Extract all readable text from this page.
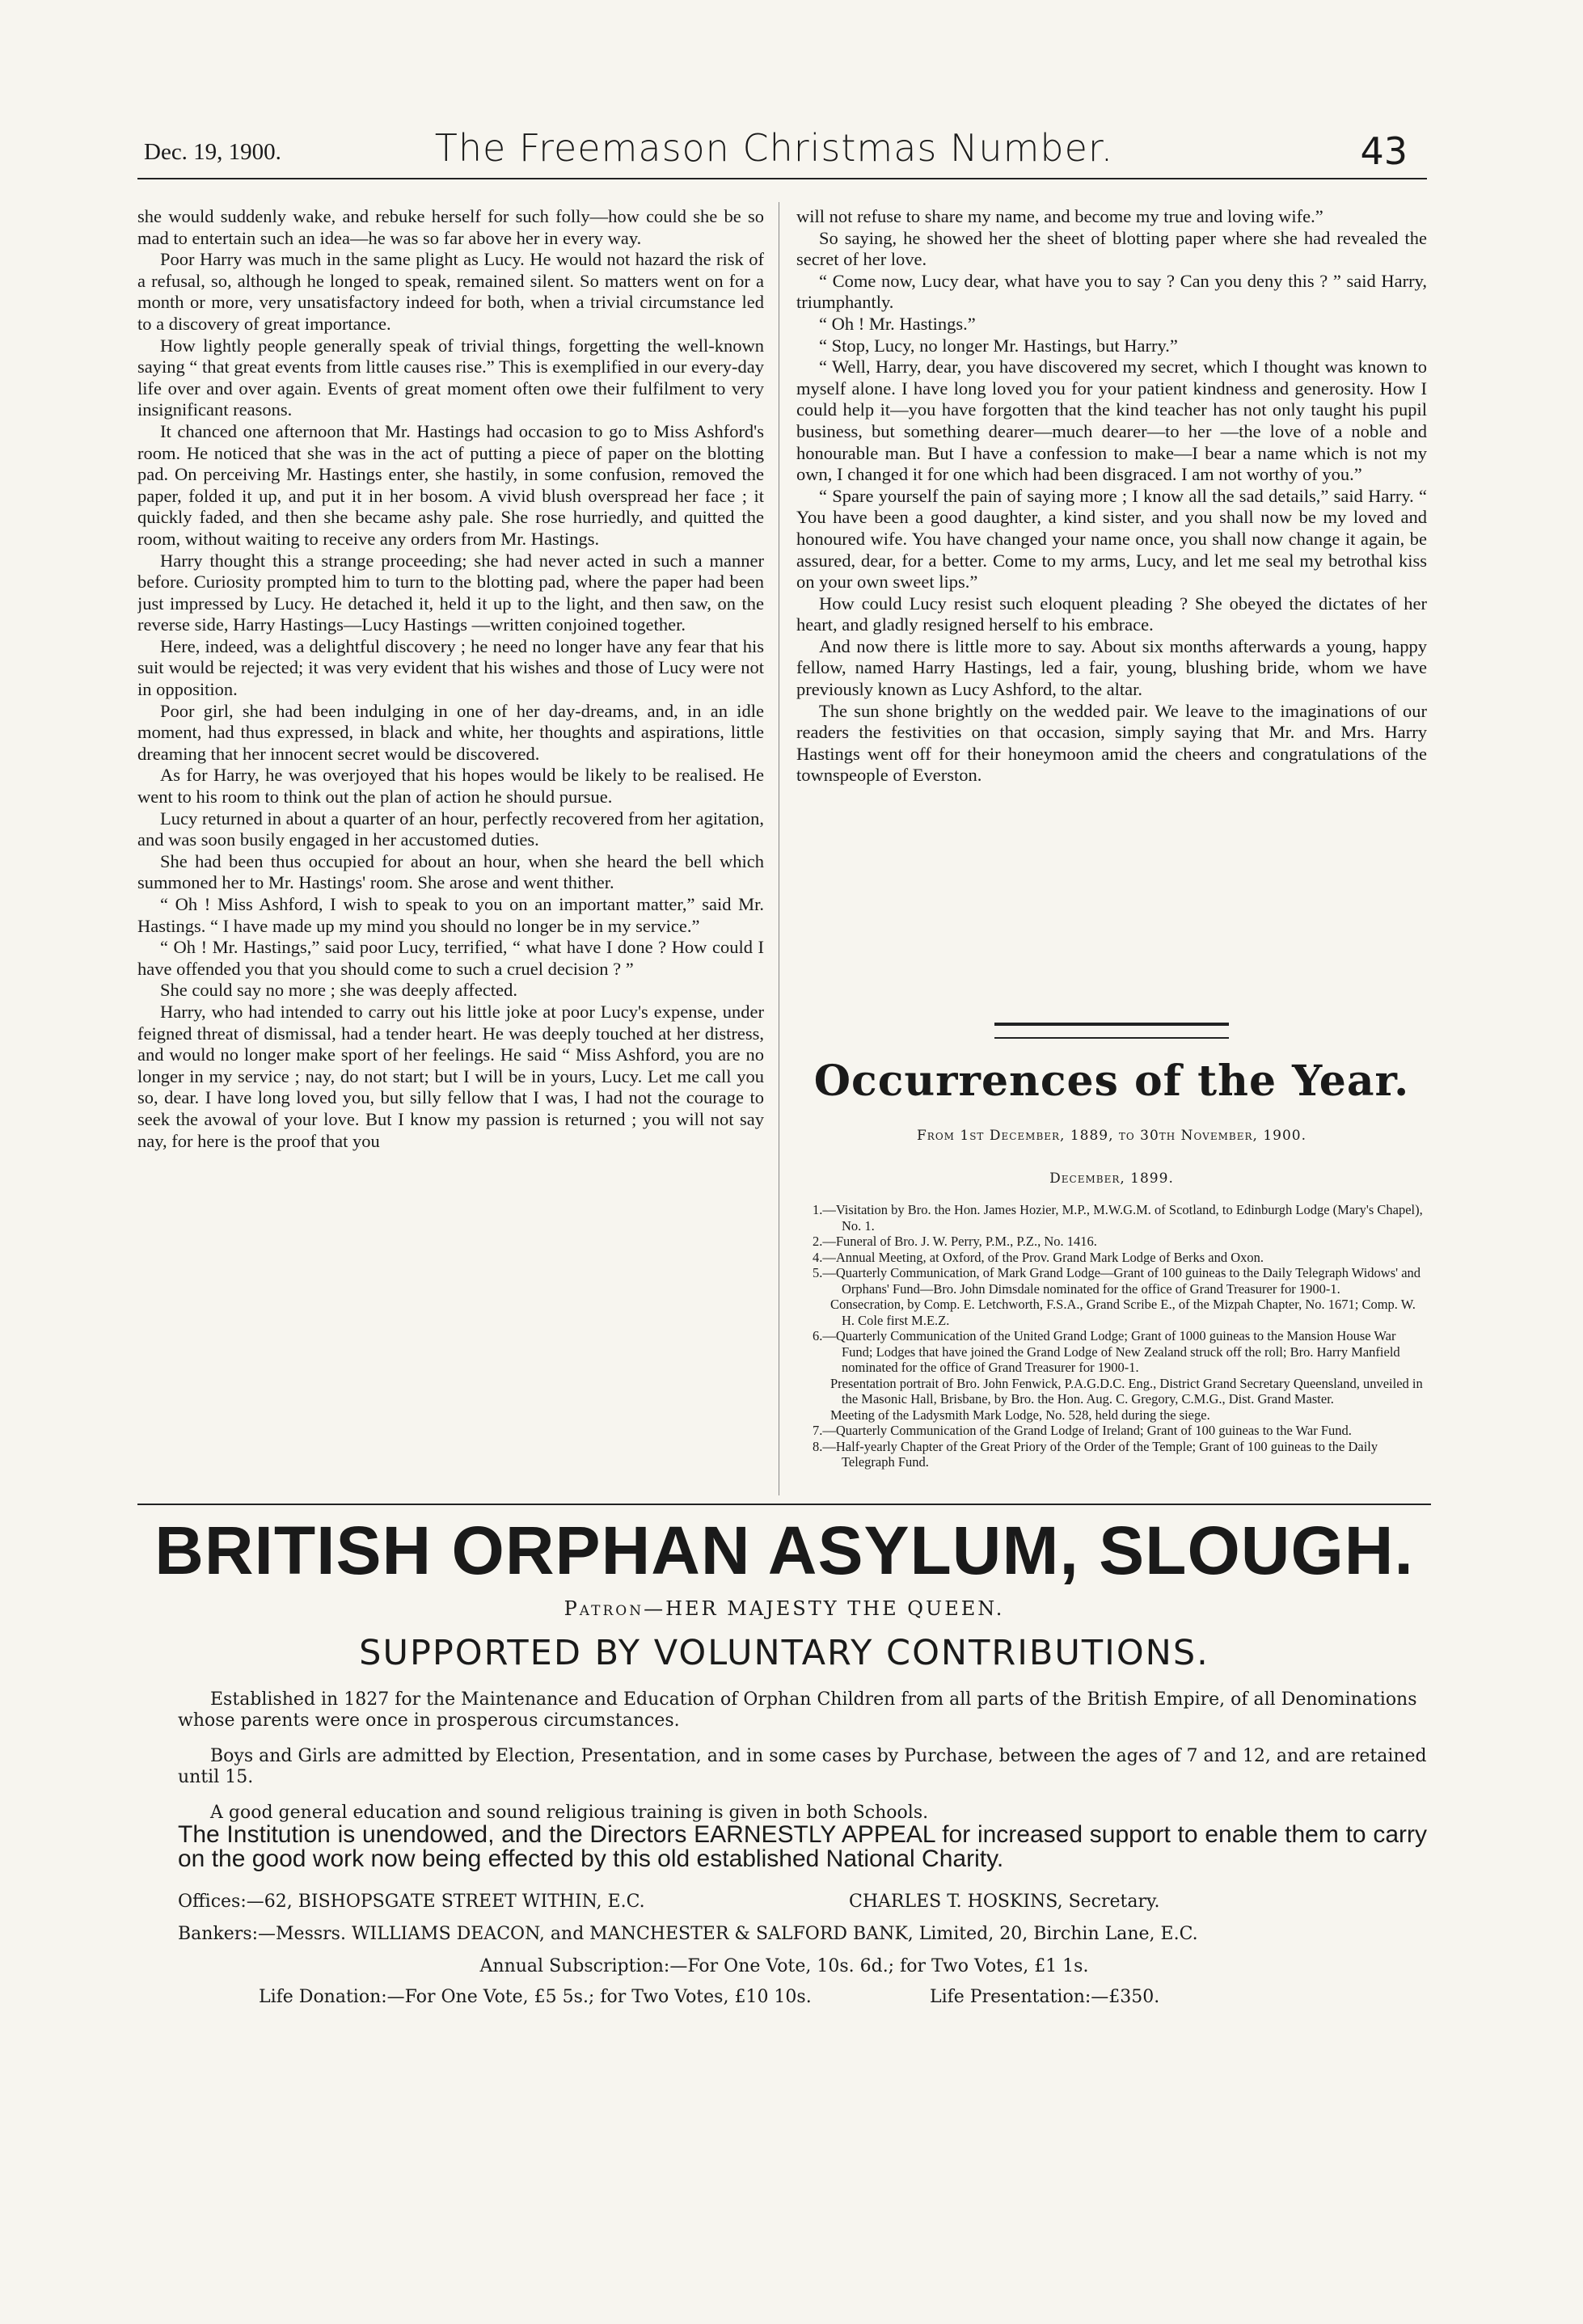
Dec. 19, 1900.	The Freemason Christmas Number.	43

she would suddenly wake, and rebuke herself for such folly—how could she be so mad to entertain such an idea—he was so far above her in every way.

Poor Harry was much in the same plight as Lucy. He would not hazard the risk of a refusal, so, although he longed to speak, remained silent. So matters went on for a month or more, very unsatisfactory indeed for both, when a trivial circumstance led to a discovery of great importance.

How lightly people generally speak of trivial things, forgetting the well-known saying “ that great events from little causes rise.” This is exemplified in our every-day life over and over again. Events of great moment often owe their fulfilment to very insignificant reasons.

It chanced one afternoon that Mr. Hastings had occasion to go to Miss Ashford's room. He noticed that she was in the act of putting a piece of paper on the blotting pad. On perceiving Mr. Hastings enter, she hastily, in some confusion, removed the paper, folded it up, and put it in her bosom. A vivid blush overspread her face ; it quickly faded, and then she became ashy pale. She rose hurriedly, and quitted the room, without waiting to receive any orders from Mr. Hastings.

Harry thought this a strange proceeding; she had never acted in such a manner before. Curiosity prompted him to turn to the blotting pad, where the paper had been just impressed by Lucy. He detached it, held it up to the light, and then saw, on the reverse side, Harry Hastings—Lucy Hastings —written conjoined together.

Here, indeed, was a delightful discovery ; he need no longer have any fear that his suit would be rejected; it was very evident that his wishes and those of Lucy were not in opposition.

Poor girl, she had been indulging in one of her day-dreams, and, in an idle moment, had thus expressed, in black and white, her thoughts and aspirations, little dreaming that her innocent secret would be discovered.

As for Harry, he was overjoyed that his hopes would be likely to be realised. He went to his room to think out the plan of action he should pursue.

Lucy returned in about a quarter of an hour, perfectly recovered from her agitation, and was soon busily engaged in her accustomed duties.

She had been thus occupied for about an hour, when she heard the bell which summoned her to Mr. Hastings' room. She arose and went thither.

“ Oh ! Miss Ashford, I wish to speak to you on an important matter,” said Mr. Hastings. “ I have made up my mind you should no longer be in my service.”

“ Oh ! Mr. Hastings,” said poor Lucy, terrified, “ what have I done ? How could I have offended you that you should come to such a cruel decision ? ”

She could say no more ; she was deeply affected.

Harry, who had intended to carry out his little joke at poor Lucy's expense, under feigned threat of dismissal, had a tender heart. He was deeply touched at her distress, and would no longer make sport of her feelings. He said “ Miss Ashford, you are no longer in my service ; nay, do not start; but I will be in yours, Lucy. Let me call you so, dear. I have long loved you, but silly fellow that I was, I had not the courage to seek the avowal of your love. But I know my passion is returned ; you will not say nay, for here is the proof that you

will not refuse to share my name, and become my true and loving wife.”

So saying, he showed her the sheet of blotting paper where she had revealed the secret of her love.

“ Come now, Lucy dear, what have you to say ? Can you deny this ? ” said Harry, triumphantly.

“ Oh ! Mr. Hastings.”

“ Stop, Lucy, no longer Mr. Hastings, but Harry.”

“ Well, Harry, dear, you have discovered my secret, which I thought was known to myself alone. I have long loved you for your patient kindness and generosity. How I could help it—you have forgotten that the kind teacher has not only taught his pupil business, but something dearer—much dearer—to her —the love of a noble and honourable man. But I have a confession to make—I bear a name which is not my own, I changed it for one which had been disgraced. I am not worthy of you.”

“ Spare yourself the pain of saying more ; I know all the sad details,” said Harry. “ You have been a good daughter, a kind sister, and you shall now be my loved and honoured wife. You have changed your name once, you shall now change it again, be assured, dear, for a better. Come to my arms, Lucy, and let me seal my betrothal kiss on your own sweet lips.”

How could Lucy resist such eloquent pleading ? She obeyed the dictates of her heart, and gladly resigned herself to his embrace.

And now there is little more to say. About six months afterwards a young, happy fellow, named Harry Hastings, led a fair, young, blushing bride, whom we have previously known as Lucy Ashford, to the altar.

The sun shone brightly on the wedded pair. We leave to the imaginations of our readers the festivities on that occasion, simply saying that Mr. and Mrs. Harry Hastings went off for their honeymoon amid the cheers and congratulations of the townspeople of Everston.

Occurrences of the Year.
From 1st December, 1889, to 30th November, 1900.
December, 1899.

1.—Visitation by Bro. the Hon. James Hozier, M.P., M.W.G.M. of Scotland, to Edinburgh Lodge (Mary's Chapel), No. 1.

2.—Funeral of Bro. J. W. Perry, P.M., P.Z., No. 1416.

4.—Annual Meeting, at Oxford, of the Prov. Grand Mark Lodge of Berks and Oxon.

5.—Quarterly Communication, of Mark Grand Lodge—Grant of 100 guineas to the Daily Telegraph Widows' and Orphans' Fund—Bro. John Dimsdale nominated for the office of Grand Treasurer for 1900-1.

Consecration, by Comp. E. Letchworth, F.S.A., Grand Scribe E., of the Mizpah Chapter, No. 1671; Comp. W. H. Cole first M.E.Z.

6.—Quarterly Communication of the United Grand Lodge; Grant of 1000 guineas to the Mansion House War Fund; Lodges that have joined the Grand Lodge of New Zealand struck off the roll; Bro. Harry Manfield nominated for the office of Grand Treasurer for 1900-1.

Presentation portrait of Bro. John Fenwick, P.A.G.D.C. Eng., District Grand Secretary Queensland, unveiled in the Masonic Hall, Brisbane, by Bro. the Hon. Aug. C. Gregory, C.M.G., Dist. Grand Master.

Meeting of the Ladysmith Mark Lodge, No. 528, held during the siege.

7.—Quarterly Communication of the Grand Lodge of Ireland; Grant of 100 guineas to the War Fund.

8.—Half-yearly Chapter of the Great Priory of the Order of the Temple; Grant of 100 guineas to the Daily Telegraph Fund.

BRITISH ORPHAN ASYLUM, SLOUGH.
Patron—HER MAJESTY THE QUEEN.
SUPPORTED BY VOLUNTARY CONTRIBUTIONS.

Established in 1827 for the Maintenance and Education of Orphan Children from all parts of the British Empire, of all Denominations whose parents were once in prosperous circumstances.

Boys and Girls are admitted by Election, Presentation, and in some cases by Purchase, between the ages of 7 and 12, and are retained until 15.

A good general education and sound religious training is given in both Schools.

The Institution is unendowed, and the Directors EARNESTLY APPEAL for increased support to enable them to carry on the good work now being effected by this old established National Charity.
Offices:—62, BISHOPSGATE STREET WITHIN, E.C.	CHARLES T. HOSKINS, Secretary.
Bankers:—Messrs. WILLIAMS DEACON, and MANCHESTER & SALFORD BANK, Limited, 20, Birchin Lane, E.C.
Annual Subscription:—For One Vote, 10s. 6d.; for Two Votes, £1 1s.
Life Donation:—For One Vote, £5 5s.; for Two Votes, £10 10s.	Life Presentation:—£350.
